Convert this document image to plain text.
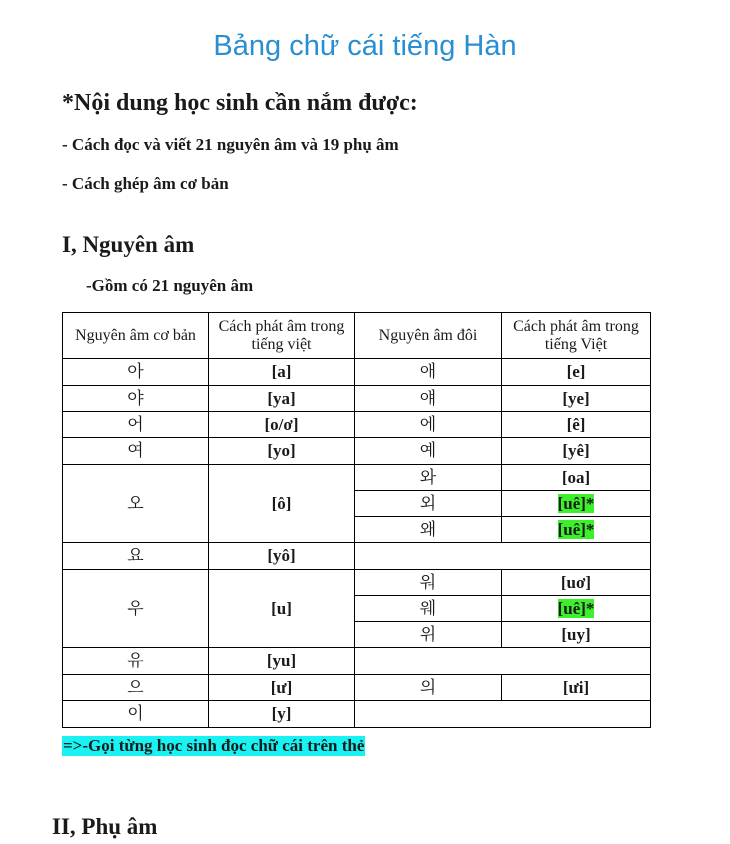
Bảng chữ cái tiếng Hàn
*Nội dung học sinh cần nắm được:
- Cách đọc và viết 21 nguyên âm và 19 phụ âm
- Cách ghép âm cơ bản
I, Nguyên âm
-Gồm có 21 nguyên âm
Nguyên âm cơ bản	Cách phát âm trong tiếng việt	Nguyên âm đôi	Cách phát âm trong tiếng Việt
아	[a]	애	[e]
야	[ya]	얘	[ye]
어	[o/ơ]	에	[ê]
여	[yo]	예	[yê]
오	[ô]	와	[oa]
		외	[uê]*
		왜	[uê]*
요	[yô]		
우	[u]	워	[uơ]
		웨	[uê]*
		위	[uy]
유	[yu]		
으	[ư]	의	[ưi]
이	[y]		
=>-Gọi từng học sinh đọc chữ cái trên thẻ
II, Phụ âm
